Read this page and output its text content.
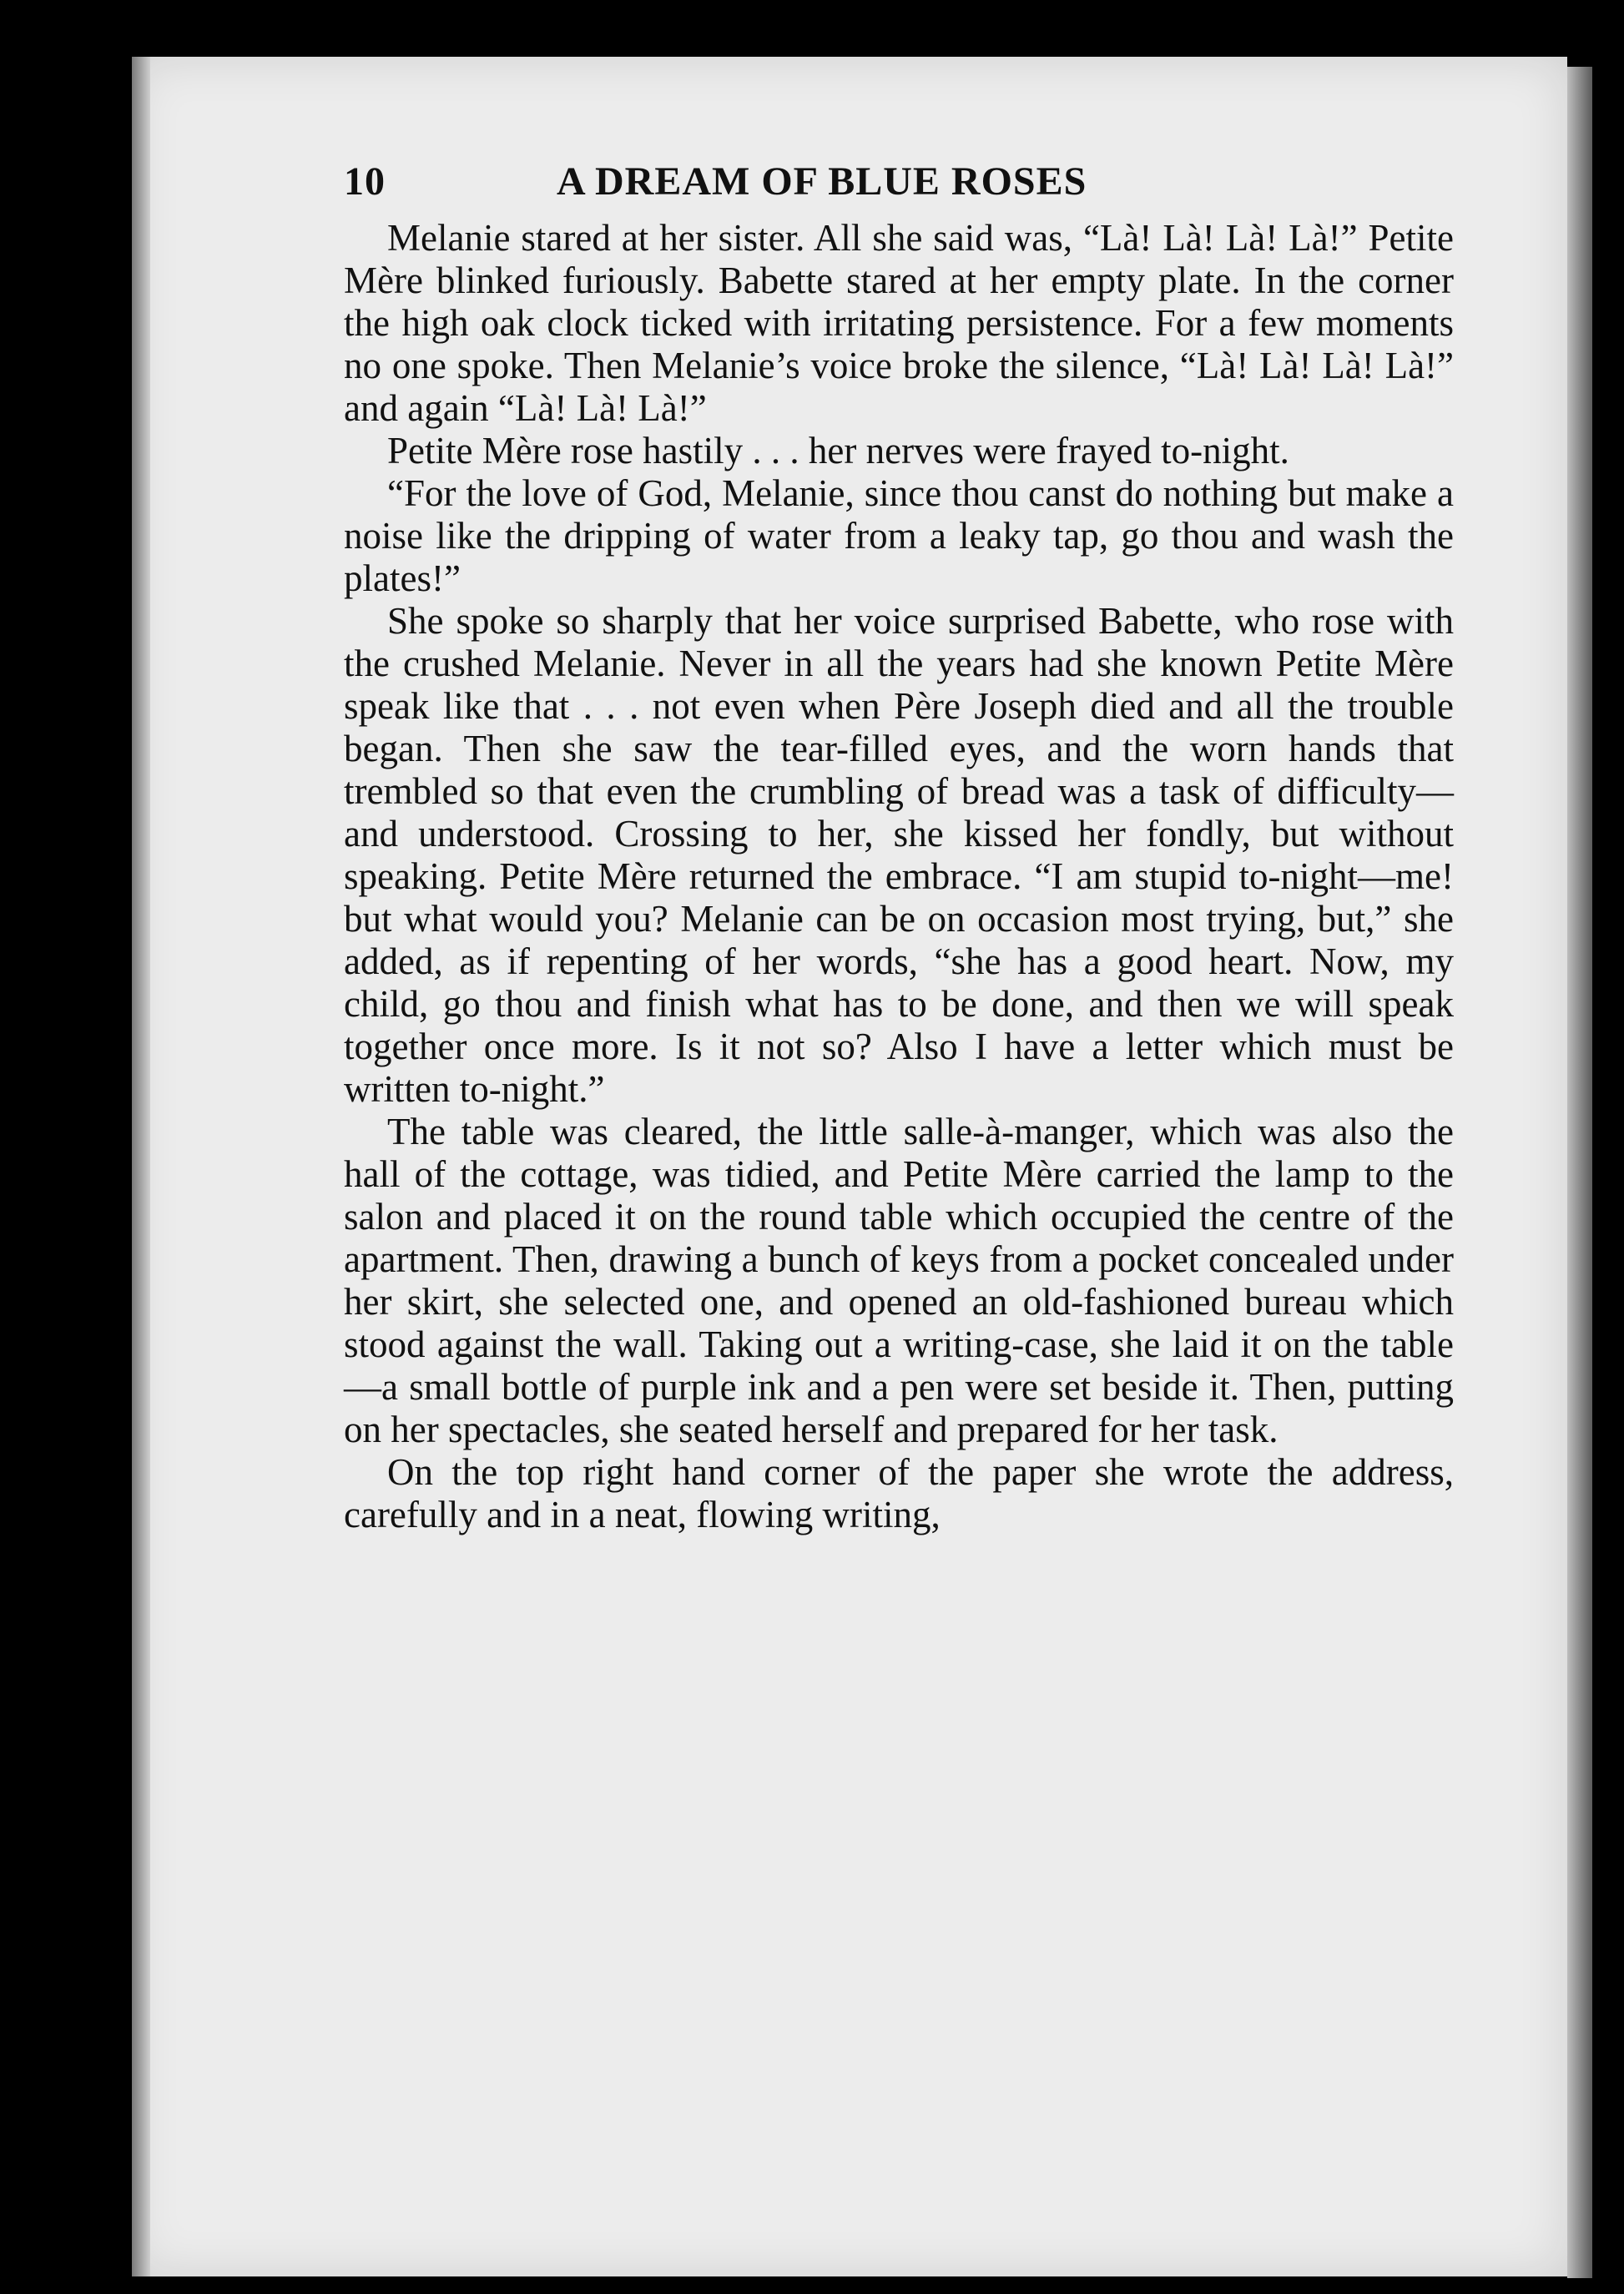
10	A DREAM OF BLUE ROSES

Melanie stared at her sister. All she said was, “Là! Là! Là! Là!” Petite Mère blinked furiously. Babette stared at her empty plate. In the corner the high oak clock ticked with irritating persistence. For a few moments no one spoke. Then Melanie’s voice broke the silence, “Là! Là! Là! Là!” and again “Là! Là! Là!”

Petite Mère rose hastily . . . her nerves were frayed to-night.

“For the love of God, Melanie, since thou canst do nothing but make a noise like the dripping of water from a leaky tap, go thou and wash the plates!”

She spoke so sharply that her voice surprised Babette, who rose with the crushed Melanie. Never in all the years had she known Petite Mère speak like that . . . not even when Père Joseph died and all the trouble began. Then she saw the tear-filled eyes, and the worn hands that trembled so that even the crumbling of bread was a task of difficulty—and understood. Crossing to her, she kissed her fondly, but without speaking. Petite Mère returned the embrace. “I am stupid to-night—me! but what would you? Melanie can be on occasion most trying, but,” she added, as if repenting of her words, “she has a good heart. Now, my child, go thou and finish what has to be done, and then we will speak together once more. Is it not so? Also I have a letter which must be written to-night.”

The table was cleared, the little salle-à-manger, which was also the hall of the cottage, was tidied, and Petite Mère carried the lamp to the salon and placed it on the round table which occupied the centre of the apartment. Then, drawing a bunch of keys from a pocket concealed under her skirt, she selected one, and opened an old-fashioned bureau which stood against the wall. Taking out a writing-case, she laid it on the table—a small bottle of purple ink and a pen were set beside it. Then, putting on her spectacles, she seated herself and prepared for her task.

On the top right hand corner of the paper she wrote the address, carefully and in a neat, flowing writing,
